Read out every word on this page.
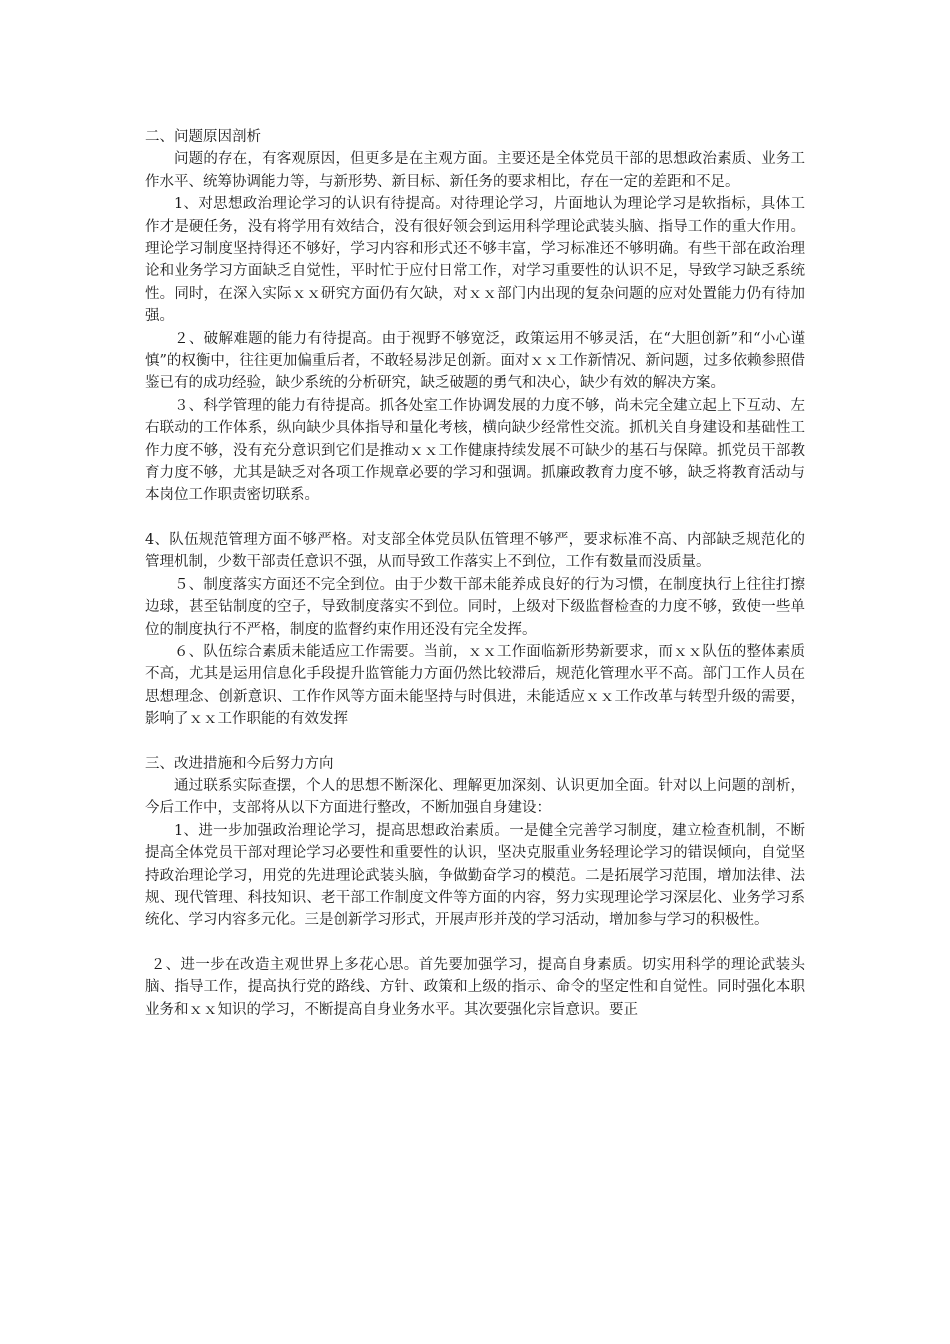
二、问题原因剖析

问题的存在，有客观原因，但更多是在主观方面。主要还是全体党员干部的思想政治素质、业务工作水平、统筹协调能力等，与新形势、新目标、新任务的要求相比，存在一定的差距和不足。

1、对思想政治理论学习的认识有待提高。对待理论学习，片面地认为理论学习是软指标，具体工作才是硬任务，没有将学用有效结合，没有很好领会到运用科学理论武装头脑、指导工作的重大作用。理论学习制度坚持得还不够好，学习内容和形式还不够丰富，学习标准还不够明确。有些干部在政治理论和业务学习方面缺乏自觉性，平时忙于应付日常工作，对学习重要性的认识不足，导致学习缺乏系统性。同时，在深入实际ｘｘ研究方面仍有欠缺，对ｘｘ部门内出现的复杂问题的应对处置能力仍有待加强。

２、破解难题的能力有待提高。由于视野不够宽泛，政策运用不够灵活，在“大胆创新”和“小心谨慎”的权衡中，往往更加偏重后者，不敢轻易涉足创新。面对ｘｘ工作新情况、新问题，过多依赖参照借鉴已有的成功经验，缺少系统的分析研究，缺乏破题的勇气和决心，缺少有效的解决方案。

３、科学管理的能力有待提高。抓各处室工作协调发展的力度不够，尚未完全建立起上下互动、左右联动的工作体系，纵向缺少具体指导和量化考核，横向缺少经常性交流。抓机关自身建设和基础性工作力度不够，没有充分意识到它们是推动ｘｘ工作健康持续发展不可缺少的基石与保障。抓党员干部教育力度不够，尤其是缺乏对各项工作规章必要的学习和强调。抓廉政教育力度不够，缺乏将教育活动与本岗位工作职责密切联系。

4、队伍规范管理方面不够严格。对支部全体党员队伍管理不够严，要求标准不高、内部缺乏规范化的管理机制，少数干部责任意识不强，从而导致工作落实上不到位，工作有数量而没质量。

５、制度落实方面还不完全到位。由于少数干部未能养成良好的行为习惯，在制度执行上往往打擦边球，甚至钻制度的空子，导致制度落实不到位。同时，上级对下级监督检查的力度不够，致使一些单位的制度执行不严格，制度的监督约束作用还没有完全发挥。

６、队伍综合素质未能适应工作需要。当前，ｘｘ工作面临新形势新要求，而ｘｘ队伍的整体素质不高，尤其是运用信息化手段提升监管能力方面仍然比较滞后，规范化管理水平不高。部门工作人员在思想理念、创新意识、工作作风等方面未能坚持与时俱进，未能适应ｘｘ工作改革与转型升级的需要，影响了ｘｘ工作职能的有效发挥

三、改进措施和今后努力方向

通过联系实际查摆，个人的思想不断深化、理解更加深刻、认识更加全面。针对以上问题的剖析，今后工作中，支部将从以下方面进行整改，不断加强自身建设：

1、进一步加强政治理论学习，提高思想政治素质。一是健全完善学习制度，建立检查机制，不断提高全体党员干部对理论学习必要性和重要性的认识，坚决克服重业务轻理论学习的错误倾向，自觉坚持政治理论学习，用党的先进理论武装头脑，争做勤奋学习的模范。二是拓展学习范围，增加法律、法规、现代管理、科技知识、老干部工作制度文件等方面的内容，努力实现理论学习深层化、业务学习系统化、学习内容多元化。三是创新学习形式，开展声形并茂的学习活动，增加参与学习的积极性。

２、进一步在改造主观世界上多花心思。首先要加强学习，提高自身素质。切实用科学的理论武装头脑、指导工作，提高执行党的路线、方针、政策和上级的指示、命令的坚定性和自觉性。同时强化本职业务和ｘｘ知识的学习，不断提高自身业务水平。其次要强化宗旨意识。要正
